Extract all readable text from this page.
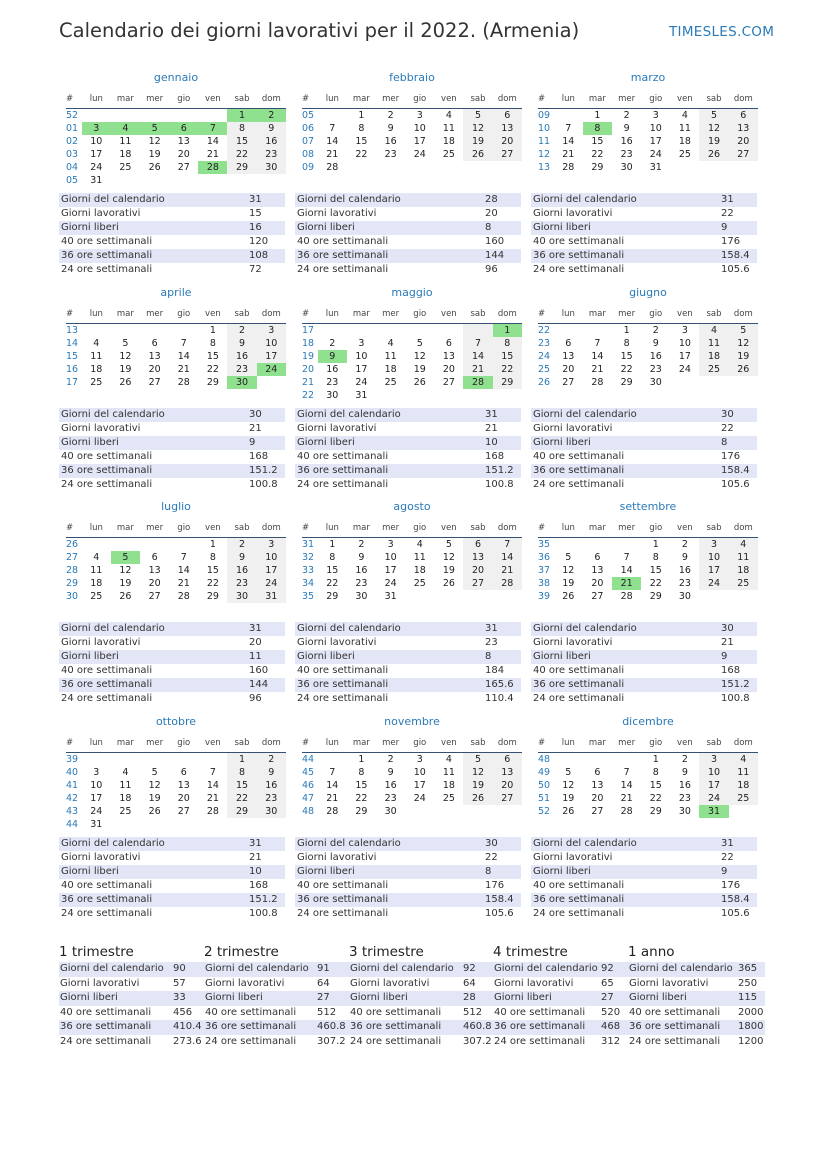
Calendario dei giorni lavorativi per il 2022. (Armenia)	TIMESLES.COM
gennaio
#	lun	mar	mer	gio	ven	sab	dom
52						1	2
01	3	4	5	6	7	8	9
02	10	11	12	13	14	15	16
03	17	18	19	20	21	22	23
04	24	25	26	27	28	29	30
05	31						
Giorni del calendario	31
Giorni lavorativi	15
Giorni liberi	16
40 ore settimanali	120
36 ore settimanali	108
24 ore settimanali	72
febbraio
#	lun	mar	mer	gio	ven	sab	dom
05		1	2	3	4	5	6
06	7	8	9	10	11	12	13
07	14	15	16	17	18	19	20
08	21	22	23	24	25	26	27
09	28						
Giorni del calendario	28
Giorni lavorativi	20
Giorni liberi	8
40 ore settimanali	160
36 ore settimanali	144
24 ore settimanali	96
marzo
#	lun	mar	mer	gio	ven	sab	dom
09		1	2	3	4	5	6
10	7	8	9	10	11	12	13
11	14	15	16	17	18	19	20
12	21	22	23	24	25	26	27
13	28	29	30	31			
Giorni del calendario	31
Giorni lavorativi	22
Giorni liberi	9
40 ore settimanali	176
36 ore settimanali	158.4
24 ore settimanali	105.6
aprile
#	lun	mar	mer	gio	ven	sab	dom
13					1	2	3
14	4	5	6	7	8	9	10
15	11	12	13	14	15	16	17
16	18	19	20	21	22	23	24
17	25	26	27	28	29	30	
Giorni del calendario	30
Giorni lavorativi	21
Giorni liberi	9
40 ore settimanali	168
36 ore settimanali	151.2
24 ore settimanali	100.8
maggio
#	lun	mar	mer	gio	ven	sab	dom
17							1
18	2	3	4	5	6	7	8
19	9	10	11	12	13	14	15
20	16	17	18	19	20	21	22
21	23	24	25	26	27	28	29
22	30	31					
Giorni del calendario	31
Giorni lavorativi	21
Giorni liberi	10
40 ore settimanali	168
36 ore settimanali	151.2
24 ore settimanali	100.8
giugno
#	lun	mar	mer	gio	ven	sab	dom
22			1	2	3	4	5
23	6	7	8	9	10	11	12
24	13	14	15	16	17	18	19
25	20	21	22	23	24	25	26
26	27	28	29	30			
Giorni del calendario	30
Giorni lavorativi	22
Giorni liberi	8
40 ore settimanali	176
36 ore settimanali	158.4
24 ore settimanali	105.6
luglio
#	lun	mar	mer	gio	ven	sab	dom
26					1	2	3
27	4	5	6	7	8	9	10
28	11	12	13	14	15	16	17
29	18	19	20	21	22	23	24
30	25	26	27	28	29	30	31
Giorni del calendario	31
Giorni lavorativi	20
Giorni liberi	11
40 ore settimanali	160
36 ore settimanali	144
24 ore settimanali	96
agosto
#	lun	mar	mer	gio	ven	sab	dom
31	1	2	3	4	5	6	7
32	8	9	10	11	12	13	14
33	15	16	17	18	19	20	21
34	22	23	24	25	26	27	28
35	29	30	31				
Giorni del calendario	31
Giorni lavorativi	23
Giorni liberi	8
40 ore settimanali	184
36 ore settimanali	165.6
24 ore settimanali	110.4
settembre
#	lun	mar	mer	gio	ven	sab	dom
35				1	2	3	4
36	5	6	7	8	9	10	11
37	12	13	14	15	16	17	18
38	19	20	21	22	23	24	25
39	26	27	28	29	30		
Giorni del calendario	30
Giorni lavorativi	21
Giorni liberi	9
40 ore settimanali	168
36 ore settimanali	151.2
24 ore settimanali	100.8
ottobre
#	lun	mar	mer	gio	ven	sab	dom
39						1	2
40	3	4	5	6	7	8	9
41	10	11	12	13	14	15	16
42	17	18	19	20	21	22	23
43	24	25	26	27	28	29	30
44	31						
Giorni del calendario	31
Giorni lavorativi	21
Giorni liberi	10
40 ore settimanali	168
36 ore settimanali	151.2
24 ore settimanali	100.8
novembre
#	lun	mar	mer	gio	ven	sab	dom
44		1	2	3	4	5	6
45	7	8	9	10	11	12	13
46	14	15	16	17	18	19	20
47	21	22	23	24	25	26	27
48	28	29	30				
Giorni del calendario	30
Giorni lavorativi	22
Giorni liberi	8
40 ore settimanali	176
36 ore settimanali	158.4
24 ore settimanali	105.6
dicembre
#	lun	mar	mer	gio	ven	sab	dom
48				1	2	3	4
49	5	6	7	8	9	10	11
50	12	13	14	15	16	17	18
51	19	20	21	22	23	24	25
52	26	27	28	29	30	31	
Giorni del calendario	31
Giorni lavorativi	22
Giorni liberi	9
40 ore settimanali	176
36 ore settimanali	158.4
24 ore settimanali	105.6
1 trimestre
Giorni del calendario	90
Giorni lavorativi	57
Giorni liberi	33
40 ore settimanali	456
36 ore settimanali	410.4
24 ore settimanali	273.6
2 trimestre
Giorni del calendario	91
Giorni lavorativi	64
Giorni liberi	27
40 ore settimanali	512
36 ore settimanali	460.8
24 ore settimanali	307.2
3 trimestre
Giorni del calendario	92
Giorni lavorativi	64
Giorni liberi	28
40 ore settimanali	512
36 ore settimanali	460.8
24 ore settimanali	307.2
4 trimestre
Giorni del calendario	92
Giorni lavorativi	65
Giorni liberi	27
40 ore settimanali	520
36 ore settimanali	468
24 ore settimanali	312
1 anno
Giorni del calendario	365
Giorni lavorativi	250
Giorni liberi	115
40 ore settimanali	2000
36 ore settimanali	1800
24 ore settimanali	1200
